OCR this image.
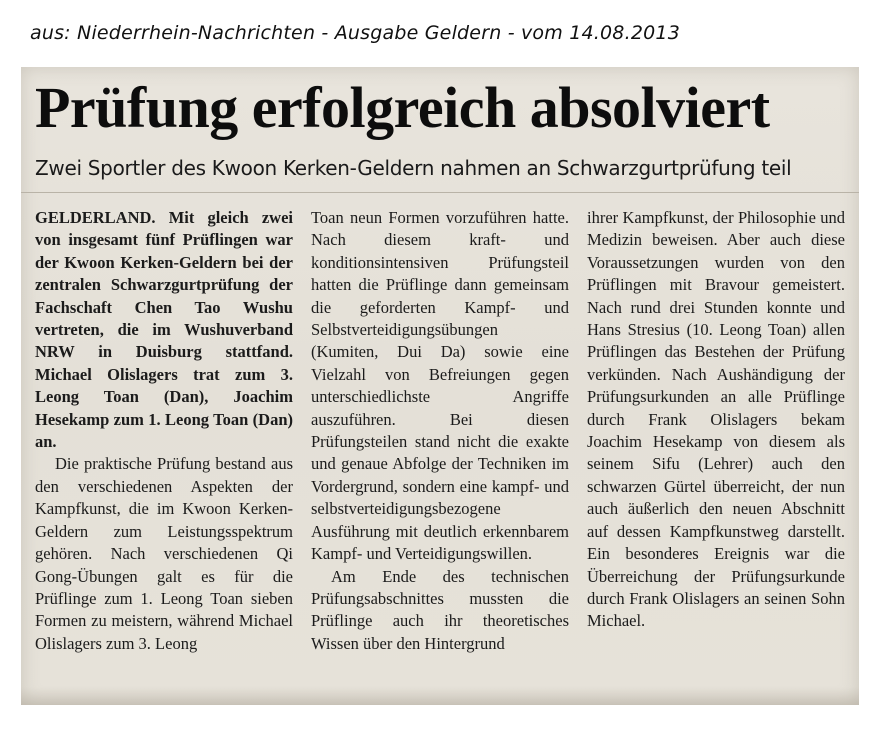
aus: Niederrhein-Nachrichten - Ausgabe Geldern - vom 14.08.2013
Prüfung erfolgreich absolviert
Zwei Sportler des Kwoon Kerken-Geldern nahmen an Schwarzgurtprüfung teil

GELDERLAND. Mit gleich zwei von insgesamt fünf Prüflingen war der Kwoon Kerken-Geldern bei der zentralen Schwarzgurtprüfung der Fachschaft Chen Tao Wushu vertreten, die im Wushuverband NRW in Duisburg stattfand. Michael Olislagers trat zum 3. Leong Toan (Dan), Joachim Hesekamp zum 1. Leong Toan (Dan) an.

Die praktische Prüfung bestand aus den verschiedenen Aspekten der Kampfkunst, die im Kwoon Kerken-Geldern zum Leistungsspektrum gehören. Nach verschiedenen Qi Gong-Übungen galt es für die Prüflinge zum 1. Leong Toan sieben Formen zu meistern, während Michael Olislagers zum 3. Leong

Toan neun Formen vorzuführen hatte. Nach diesem kraft- und konditionsintensiven Prüfungsteil hatten die Prüflinge dann gemeinsam die geforderten Kampf- und Selbstverteidigungsübungen (Kumiten, Dui Da) sowie eine Vielzahl von Befreiungen gegen unterschiedlichste Angriffe auszuführen. Bei diesen Prüfungsteilen stand nicht die exakte und genaue Abfolge der Techniken im Vordergrund, sondern eine kampf- und selbstverteidigungsbezogene Ausführung mit deutlich erkennbarem Kampf- und Verteidigungswillen.

Am Ende des technischen Prüfungsabschnittes mussten die Prüflinge auch ihr theoretisches Wissen über den Hintergrund

ihrer Kampfkunst, der Philosophie und Medizin beweisen. Aber auch diese Voraussetzungen wurden von den Prüflingen mit Bravour gemeistert. Nach rund drei Stunden konnte und Hans Stresius (10. Leong Toan) allen Prüflingen das Bestehen der Prüfung verkünden. Nach Aushändigung der Prüfungsurkunden an alle Prüflinge durch Frank Olislagers bekam Joachim Hesekamp von diesem als seinem Sifu (Lehrer) auch den schwarzen Gürtel überreicht, der nun auch äußerlich den neuen Abschnitt auf dessen Kampfkunstweg darstellt. Ein besonderes Ereignis war die Überreichung der Prüfungsurkunde durch Frank Olislagers an seinen Sohn Michael.
